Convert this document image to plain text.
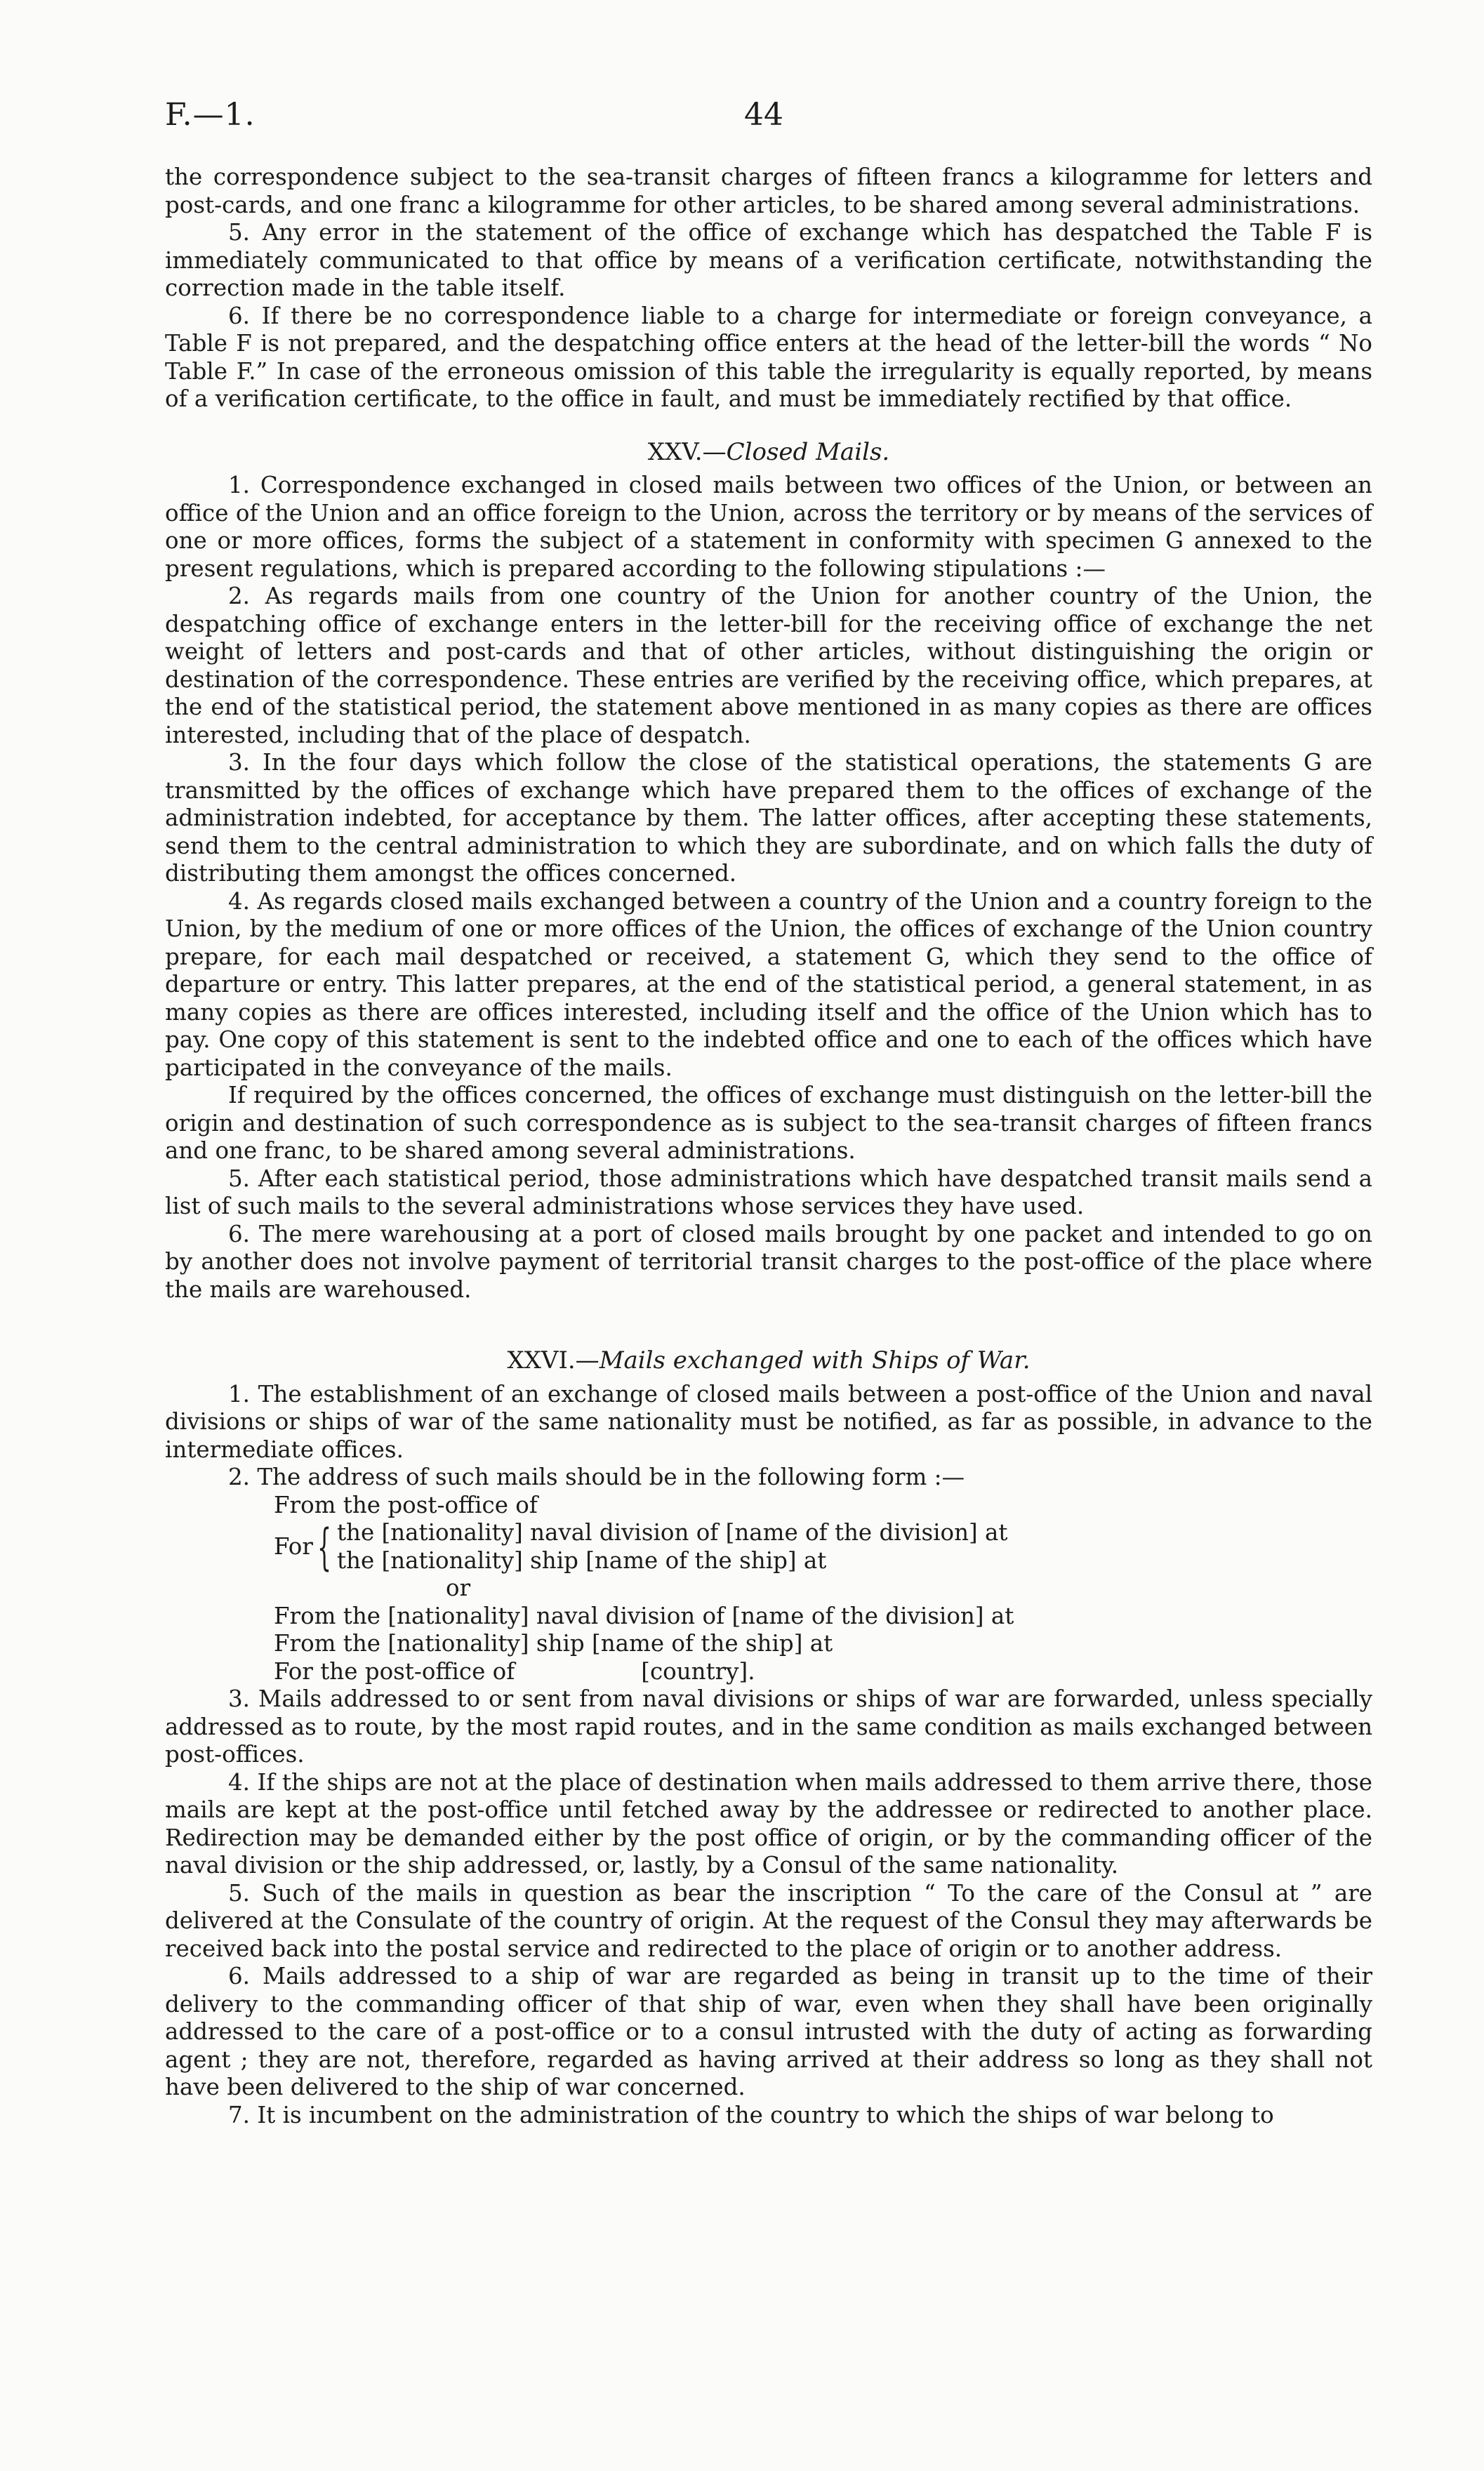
F.—1.	44

the correspondence subject to the sea-transit charges of fifteen francs a kilogramme for letters and post-cards, and one franc a kilogramme for other articles, to be shared among several administrations.

5. Any error in the statement of the office of exchange which has despatched the Table F is immediately communicated to that office by means of a verification certificate, notwithstanding the correction made in the table itself.

6. If there be no correspondence liable to a charge for intermediate or foreign conveyance, a Table F is not prepared, and the despatching office enters at the head of the letter-bill the words “ No Table F.” In case of the erroneous omission of this table the irregularity is equally reported, by means of a verification certificate, to the office in fault, and must be immediately rectified by that office.

XXV.—Closed Mails.

1. Correspondence exchanged in closed mails between two offices of the Union, or between an office of the Union and an office foreign to the Union, across the territory or by means of the services of one or more offices, forms the subject of a statement in conformity with specimen G annexed to the present regulations, which is prepared according to the following stipulations :—

2. As regards mails from one country of the Union for another country of the Union, the despatching office of exchange enters in the letter-bill for the receiving office of exchange the net weight of letters and post-cards and that of other articles, without distinguishing the origin or destination of the correspondence. These entries are verified by the receiving office, which prepares, at the end of the statistical period, the statement above mentioned in as many copies as there are offices interested, including that of the place of despatch.

3. In the four days which follow the close of the statistical operations, the statements G are transmitted by the offices of exchange which have prepared them to the offices of exchange of the administration indebted, for acceptance by them. The latter offices, after accepting these statements, send them to the central administration to which they are subordinate, and on which falls the duty of distributing them amongst the offices concerned.

4. As regards closed mails exchanged between a country of the Union and a country foreign to the Union, by the medium of one or more offices of the Union, the offices of exchange of the Union country prepare, for each mail despatched or received, a statement G, which they send to the office of departure or entry. This latter prepares, at the end of the statistical period, a general statement, in as many copies as there are offices interested, including itself and the office of the Union which has to pay. One copy of this statement is sent to the indebted office and one to each of the offices which have participated in the conveyance of the mails.

If required by the offices concerned, the offices of exchange must distinguish on the letter-bill the origin and destination of such correspondence as is subject to the sea-transit charges of fifteen francs and one franc, to be shared among several administrations.

5. After each statistical period, those administrations which have despatched transit mails send a list of such mails to the several administrations whose services they have used.

6. The mere warehousing at a port of closed mails brought by one packet and intended to go on by another does not involve payment of territorial transit charges to the post-office of the place where the mails are warehoused.

XXVI.—Mails exchanged with Ships of War.

1. The establishment of an exchange of closed mails between a post-office of the Union and naval divisions or ships of war of the same nationality must be notified, as far as possible, in advance to the intermediate offices.

2. The address of such mails should be in the following form :—

From the post-office of

For { the [nationality] naval division of [name of the division] at
the [nationality] ship [name of the ship] at

or

From the [nationality] naval division of [name of the division] at

From the [nationality] ship [name of the ship] at

For the post-office of	[country].

3. Mails addressed to or sent from naval divisions or ships of war are forwarded, unless specially addressed as to route, by the most rapid routes, and in the same condition as mails exchanged between post-offices.

4. If the ships are not at the place of destination when mails addressed to them arrive there, those mails are kept at the post-office until fetched away by the addressee or redirected to another place. Redirection may be demanded either by the post office of origin, or by the commanding officer of the naval division or the ship addressed, or, lastly, by a Consul of the same nationality.

5. Such of the mails in question as bear the inscription “ To the care of the Consul at ” are delivered at the Consulate of the country of origin. At the request of the Consul they may afterwards be received back into the postal service and redirected to the place of origin or to another address.

6. Mails addressed to a ship of war are regarded as being in transit up to the time of their delivery to the commanding officer of that ship of war, even when they shall have been originally addressed to the care of a post-office or to a consul intrusted with the duty of acting as forwarding agent ; they are not, therefore, regarded as having arrived at their address so long as they shall not have been delivered to the ship of war concerned.

7. It is incumbent on the administration of the country to which the ships of war belong to
